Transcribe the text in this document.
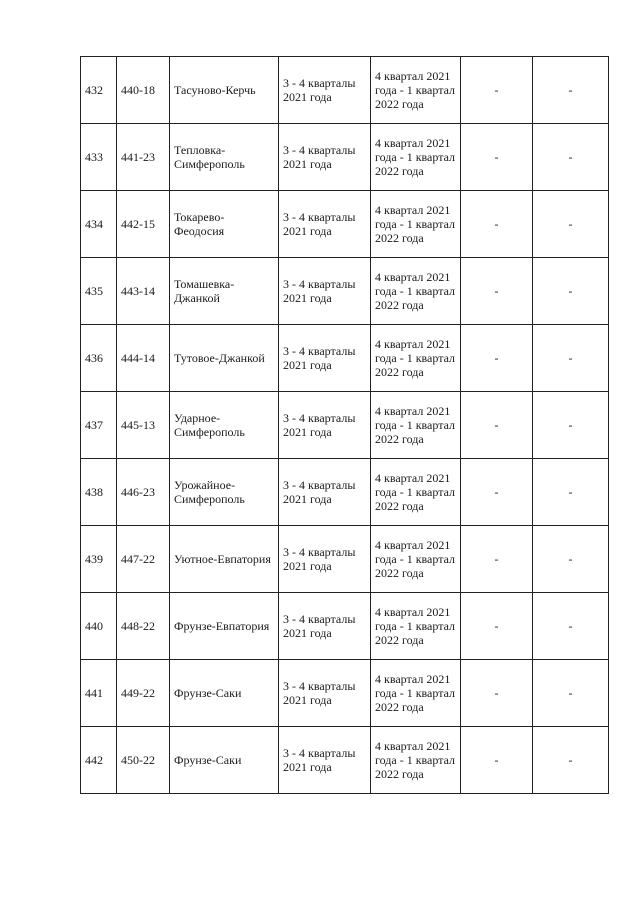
432	440-18	Тасуново-Керчь	3 - 4 кварталы 2021 года	4 квартал 2021 года - 1 квартал 2022 года	-	-
433	441-23	Тепловка-Симферополь	3 - 4 кварталы 2021 года	4 квартал 2021 года - 1 квартал 2022 года	-	-
434	442-15	Токарево-Феодосия	3 - 4 кварталы 2021 года	4 квартал 2021 года - 1 квартал 2022 года	-	-
435	443-14	Томашевка-Джанкой	3 - 4 кварталы 2021 года	4 квартал 2021 года - 1 квартал 2022 года	-	-
436	444-14	Тутовое-Джанкой	3 - 4 кварталы 2021 года	4 квартал 2021 года - 1 квартал 2022 года	-	-
437	445-13	Ударное-Симферополь	3 - 4 кварталы 2021 года	4 квартал 2021 года - 1 квартал 2022 года	-	-
438	446-23	Урожайное-Симферополь	3 - 4 кварталы 2021 года	4 квартал 2021 года - 1 квартал 2022 года	-	-
439	447-22	Уютное-Евпатория	3 - 4 кварталы 2021 года	4 квартал 2021 года - 1 квартал 2022 года	-	-
440	448-22	Фрунзе-Евпатория	3 - 4 кварталы 2021 года	4 квартал 2021 года - 1 квартал 2022 года	-	-
441	449-22	Фрунзе-Саки	3 - 4 кварталы 2021 года	4 квартал 2021 года - 1 квартал 2022 года	-	-
442	450-22	Фрунзе-Саки	3 - 4 кварталы 2021 года	4 квартал 2021 года - 1 квартал 2022 года	-	-
